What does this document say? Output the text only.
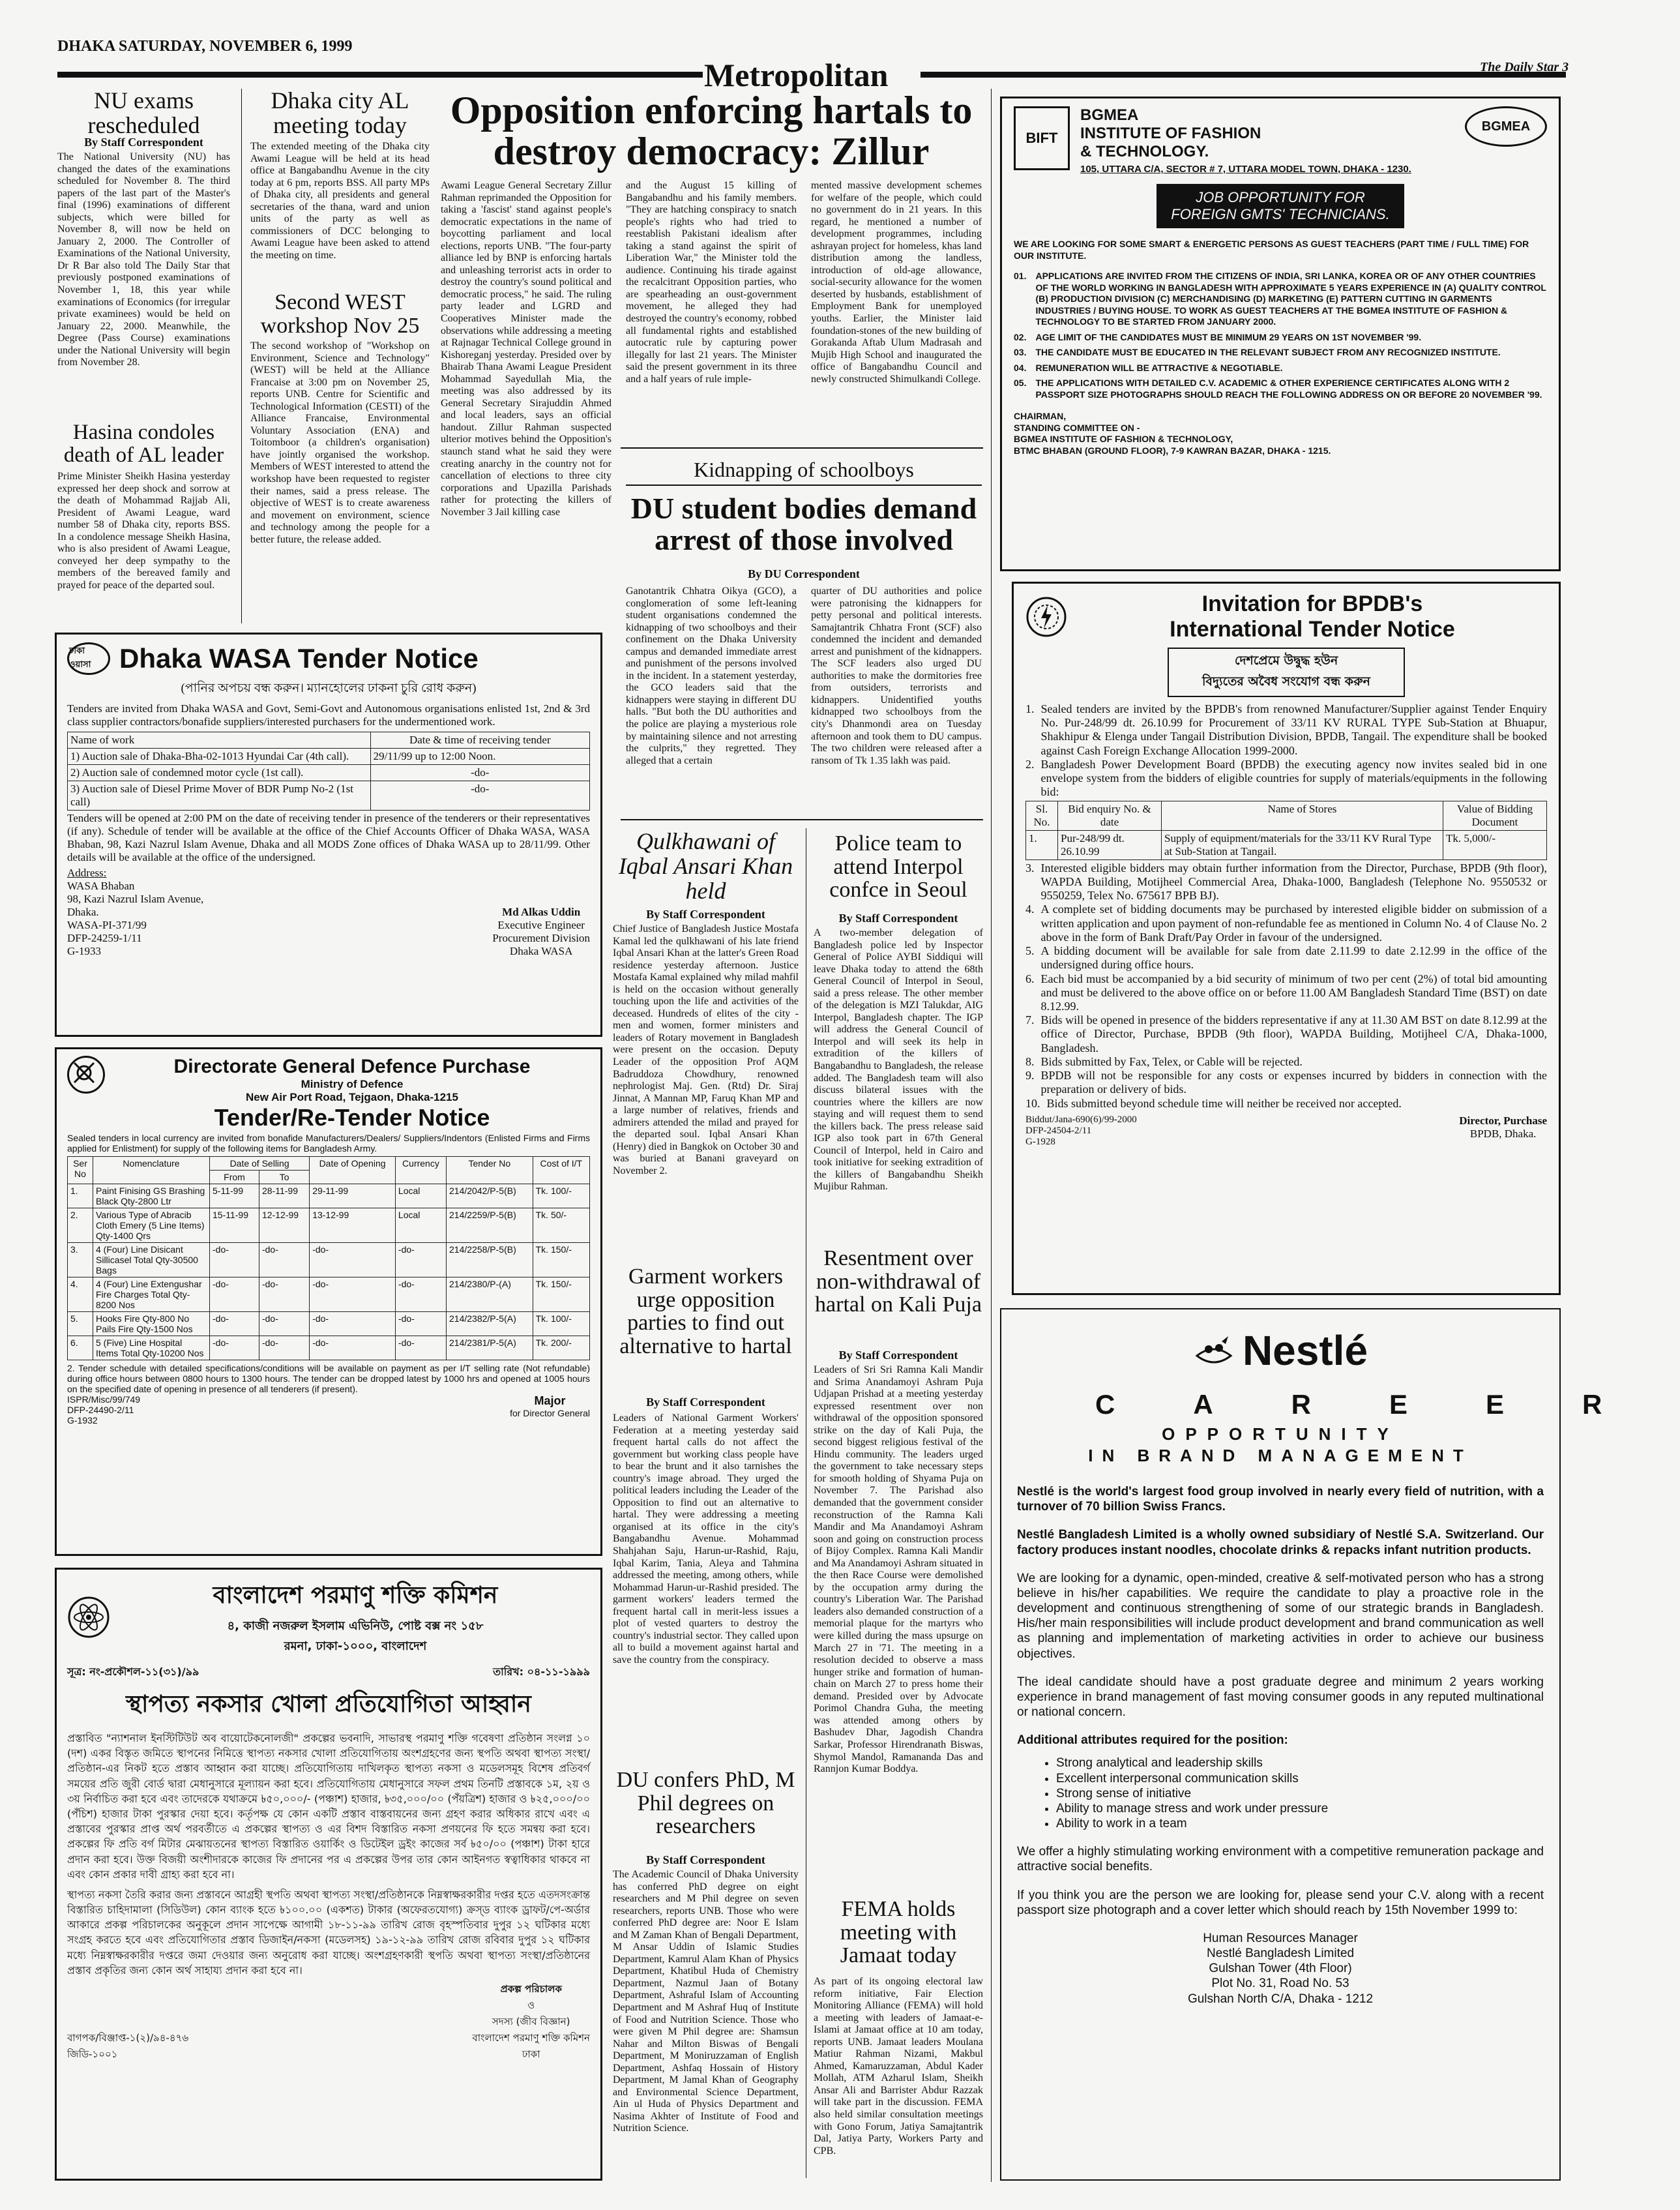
DHAKA SATURDAY, NOVEMBER 6, 1999
Metropolitan	The Daily Star 3
NU exams rescheduled
By Staff Correspondent
The National University (NU) has changed the dates of the examinations scheduled for November 8. The third papers of the last part of the Master's final (1996) examinations of different subjects, which were billed for November 8, will now be held on January 2, 2000. The Controller of Examinations of the National University, Dr R Bar also told The Daily Star that previously postponed examinations of November 1, 18, this year while examinations of Economics (for irregular private examinees) would be held on January 22, 2000. Meanwhile, the Degree (Pass Course) examinations under the National University will begin from November 28.
Hasina condoles death of AL leader
Prime Minister Sheikh Hasina yesterday expressed her deep shock and sorrow at the death of Mohammad Rajjab Ali, President of Awami League, ward number 58 of Dhaka city, reports BSS. In a condolence message Sheikh Hasina, who is also president of Awami League, conveyed her deep sympathy to the members of the bereaved family and prayed for peace of the departed soul.
Dhaka city AL meeting today
The extended meeting of the Dhaka city Awami League will be held at its head office at Bangabandhu Avenue in the city today at 6 pm, reports BSS. All party MPs of Dhaka city, all presidents and general secretaries of the thana, ward and union units of the party as well as commissioners of DCC belonging to Awami League have been asked to attend the meeting on time.
Second WEST workshop Nov 25
The second workshop of "Workshop on Environment, Science and Technology" (WEST) will be held at the Alliance Francaise at 3:00 pm on November 25, reports UNB. Centre for Scientific and Technological Information (CESTI) of the Alliance Francaise, Environmental Voluntary Association (ENA) and Toitomboor (a children's organisation) have jointly organised the workshop. Members of WEST interested to attend the workshop have been requested to register their names, said a press release. The objective of WEST is to create awareness and movement on environment, science and technology among the people for a better future, the release added.
Opposition enforcing hartals to destroy democracy: Zillur
Awami League General Secretary Zillur Rahman reprimanded the Opposition for taking a 'fascist' stand against people's democratic expectations in the name of boycotting parliament and local elections, reports UNB. "The four-party alliance led by BNP is enforcing hartals and unleashing terrorist acts in order to destroy the country's sound political and democratic process," he said. The ruling party leader and LGRD and Cooperatives Minister made the observations while addressing a meeting at Rajnagar Technical College ground in Kishoreganj yesterday. Presided over by Bhairab Thana Awami League President Mohammad Sayedullah Mia, the meeting was also addressed by its General Secretary Sirajuddin Ahmed and local leaders, says an official handout. Zillur Rahman suspected ulterior motives behind the Opposition's staunch stand what he said they were creating anarchy in the country not for cancellation of elections to three city corporations and Upazilla Parishads rather for protecting the killers of November 3 Jail killing case
and the August 15 killing of Bangabandhu and his family members. "They are hatching conspiracy to snatch people's rights who had tried to reestablish Pakistani idealism after taking a stand against the spirit of Liberation War," the Minister told the audience. Continuing his tirade against the recalcitrant Opposition parties, who are spearheading an oust-government movement, he alleged they had destroyed the country's economy, robbed all fundamental rights and established autocratic rule by capturing power illegally for last 21 years. The Minister said the present government in its three and a half years of rule imple-
mented massive development schemes for welfare of the people, which could no government do in 21 years. In this regard, he mentioned a number of development programmes, including ashrayan project for homeless, khas land distribution among the landless, introduction of old-age allowance, social-security allowance for the women deserted by husbands, establishment of Employment Bank for unemployed youths. Earlier, the Minister laid foundation-stones of the new building of Gorakanda Aftab Ulum Madrasah and Mujib High School and inaugurated the office of Bangabandhu Council and newly constructed Shimulkandi College.
Kidnapping of schoolboys
DU student bodies demand arrest of those involved
By DU Correspondent
Ganotantrik Chhatra Oikya (GCO), a conglomeration of some left-leaning student organisations condemned the kidnapping of two schoolboys and their confinement on the Dhaka University campus and demanded immediate arrest and punishment of the persons involved in the incident. In a statement yesterday, the GCO leaders said that the kidnappers were staying in different DU halls. "But both the DU authorities and the police are playing a mysterious role by maintaining silence and not arresting the culprits," they regretted. They alleged that a certain
quarter of DU authorities and police were patronising the kidnappers for petty personal and political interests. Samajtantrik Chhatra Front (SCF) also condemned the incident and demanded arrest and punishment of the kidnappers. The SCF leaders also urged DU authorities to make the dormitories free from outsiders, terrorists and kidnappers. Unidentified youths kidnapped two schoolboys from the city's Dhanmondi area on Tuesday afternoon and took them to DU campus. The two children were released after a ransom of Tk 1.35 lakh was paid.
Qulkhawani of Iqbal Ansari Khan held
By Staff Correspondent
Chief Justice of Bangladesh Justice Mostafa Kamal led the qulkhawani of his late friend Iqbal Ansari Khan at the latter's Green Road residence yesterday afternoon. Justice Mostafa Kamal explained why milad mahfil is held on the occasion without generally touching upon the life and activities of the deceased. Hundreds of elites of the city - men and women, former ministers and leaders of Rotary movement in Bangladesh were present on the occasion. Deputy Leader of the opposition Prof AQM Badruddoza Chowdhury, renowned nephrologist Maj. Gen. (Rtd) Dr. Siraj Jinnat, A Mannan MP, Faruq Khan MP and a large number of relatives, friends and admirers attended the milad and prayed for the departed soul. Iqbal Ansari Khan (Henry) died in Bangkok on October 30 and was buried at Banani graveyard on November 2.
Garment workers urge opposition parties to find out alternative to hartal
By Staff Correspondent
Leaders of National Garment Workers' Federation at a meeting yesterday said frequent hartal calls do not affect the government but working class people have to bear the brunt and it also tarnishes the country's image abroad. They urged the political leaders including the Leader of the Opposition to find out an alternative to hartal. They were addressing a meeting organised at its office in the city's Bangabandhu Avenue. Mohammad Shahjahan Saju, Harun-ur-Rashid, Raju, Iqbal Karim, Tania, Aleya and Tahmina addressed the meeting, among others, while Mohammad Harun-ur-Rashid presided. The garment workers' leaders termed the frequent hartal call in merit-less issues a plot of vested quarters to destroy the country's industrial sector. They called upon all to build a movement against hartal and save the country from the conspiracy.
DU confers PhD, M Phil degrees on researchers
By Staff Correspondent
The Academic Council of Dhaka University has conferred PhD degree on eight researchers and M Phil degree on seven researchers, reports UNB. Those who were conferred PhD degree are: Noor E Islam and M Zaman Khan of Bengali Department, M Ansar Uddin of Islamic Studies Department, Kamrul Alam Khan of Physics Department, Khatibul Huda of Chemistry Department, Nazmul Jaan of Botany Department, Ashraful Islam of Accounting Department and M Ashraf Huq of Institute of Food and Nutrition Science. Those who were given M Phil degree are: Shamsun Nahar and Milton Biswas of Bengali Department, M Moniruzzaman of English Department, Ashfaq Hossain of History Department, M Jamal Khan of Geography and Environmental Science Department, Ain ul Huda of Physics Department and Nasima Akhter of Institute of Food and Nutrition Science.
Police team to attend Interpol confce in Seoul
By Staff Correspondent
A two-member delegation of Bangladesh police led by Inspector General of Police AYBI Siddiqui will leave Dhaka today to attend the 68th General Council of Interpol in Seoul, said a press release. The other member of the delegation is MZI Talukdar, AIG Interpol, Bangladesh chapter. The IGP will address the General Council of Interpol and will seek its help in extradition of the killers of Bangabandhu to Bangladesh, the release added. The Bangladesh team will also discuss bilateral issues with the countries where the killers are now staying and will request them to send the killers back. The press release said IGP also took part in 67th General Council of Interpol, held in Cairo and took initiative for seeking extradition of the killers of Bangabandhu Sheikh Mujibur Rahman.
Resentment over non-withdrawal of hartal on Kali Puja
By Staff Correspondent
Leaders of Sri Sri Ramna Kali Mandir and Srima Anandamoyi Ashram Puja Udjapan Prishad at a meeting yesterday expressed resentment over non withdrawal of the opposition sponsored strike on the day of Kali Puja, the second biggest religious festival of the Hindu community. The leaders urged the government to take necessary steps for smooth holding of Shyama Puja on November 7. The Parishad also demanded that the government consider reconstruction of the Ramna Kali Mandir and Ma Anandamoyi Ashram soon and going on construction process of Bijoy Complex. Ramna Kali Mandir and Ma Anandamoyi Ashram situated in the then Race Course were demolished by the occupation army during the country's Liberation War. The Parishad leaders also demanded construction of a memorial plaque for the martyrs who were killed during the mass upsurge on March 27 in '71. The meeting in a resolution decided to observe a mass hunger strike and formation of human-chain on March 27 to press home their demand. Presided over by Advocate Porimol Chandra Guha, the meeting was attended among others by Bashudev Dhar, Jagodish Chandra Sarkar, Professor Hirendranath Biswas, Shymol Mandol, Ramananda Das and Rannjon Kumar Boddya.
FEMA holds meeting with Jamaat today
As part of its ongoing electoral law reform initiative, Fair Election Monitoring Alliance (FEMA) will hold a meeting with leaders of Jamaat-e-Islami at Jamaat office at 10 am today, reports UNB. Jamaat leaders Moulana Matiur Rahman Nizami, Makbul Ahmed, Kamaruzzaman, Abdul Kader Mollah, ATM Azharul Islam, Sheikh Ansar Ali and Barrister Abdur Razzak will take part in the discussion. FEMA also held similar consultation meetings with Gono Forum, Jatiya Samajtantrik Dal, Jatiya Party, Workers Party and CPB.
ঢাকা ওয়াসা	Dhaka WASA Tender Notice
(পানির অপচয় বন্ধ করুন। ম্যানহোলের ঢাকনা চুরি রোধ করুন)
Tenders are invited from Dhaka WASA and Govt, Semi-Govt and Autonomous organisations enlisted 1st, 2nd & 3rd class supplier contractors/bonafide suppliers/interested purchasers for the undermentioned work.
Name of work	Date & time of receiving tender
1) Auction sale of Dhaka-Bha-02-1013 Hyundai Car (4th call).	29/11/99 up to 12:00 Noon.
2) Auction sale of condemned motor cycle (1st call).	-do-
3) Auction sale of Diesel Prime Mover of BDR Pump No-2 (1st call)	-do-
Tenders will be opened at 2:00 PM on the date of receiving tender in presence of the tenderers or their representatives (if any). Schedule of tender will be available at the office of the Chief Accounts Officer of Dhaka WASA, WASA Bhaban, 98, Kazi Nazrul Islam Avenue, Dhaka and all MODS Zone offices of Dhaka WASA up to 28/11/99. Other details will be available at the office of the undersigned.
Address:
WASA Bhaban
98, Kazi Nazrul Islam Avenue,
Dhaka.
WASA-PI-371/99
DFP-24259-1/11
G-1933
Md Alkas Uddin
Executive Engineer
Procurement Division
Dhaka WASA
Directorate General Defence Purchase
Ministry of Defence
New Air Port Road, Tejgaon, Dhaka-1215
Tender/Re-Tender Notice
Sealed tenders in local currency are invited from bonafide Manufacturers/Dealers/ Suppliers/Indentors (Enlisted Firms and Firms applied for Enlistment) for supply of the following items for Bangladesh Army.
Ser No	Nomenclature	Date of Selling		Date of Opening	Currency	Tender No	Cost of I/T
		From	To				
1.	Paint Finising GS Brashing Black Qty-2800 Ltr	5-11-99	28-11-99	29-11-99	Local	214/2042/P-5(B)	Tk. 100/-
2.	Various Type of Abracib Cloth Emery (5 Line Items) Qty-1400 Qrs	15-11-99	12-12-99	13-12-99	Local	214/2259/P-5(B)	Tk. 50/-
3.	4 (Four) Line Disicant Sillicasel Total Qty-30500 Bags	-do-	-do-	-do-	-do-	214/2258/P-5(B)	Tk. 150/-
4.	4 (Four) Line Extengushar Fire Charges Total Qty-8200 Nos	-do-	-do-	-do-	-do-	214/2380/P-(A)	Tk. 150/-
5.	Hooks Fire Qty-800 No Pails Fire Qty-1500 Nos	-do-	-do-	-do-	-do-	214/2382/P-5(A)	Tk. 100/-
6.	5 (Five) Line Hospital Items Total Qty-10200 Nos	-do-	-do-	-do-	-do-	214/2381/P-5(A)	Tk. 200/-
2. Tender schedule with detailed specifications/conditions will be available on payment as per I/T selling rate (Not refundable) during office hours between 0800 hours to 1300 hours. The tender can be dropped latest by 1000 hrs and opened at 1005 hours on the specified date of opening in presence of all tenderers (if present).
ISPR/Misc/99/749
DFP-24490-2/11
G-1932
Major
for Director General
বাংলাদেশ পরমাণু শক্তি কমিশন
৪, কাজী নজরুল ইসলাম এভিনিউ, পোষ্ট বক্স নং ১৫৮
রমনা, ঢাকা-১০০০, বাংলাদেশ
সূত্র: নং-প্রকৌশল-১১(৩১)/৯৯	তারিখ: ০৪-১১-১৯৯৯
স্থাপত্য নকসার খোলা প্রতিযোগিতা আহ্বান
প্রস্তাবিত "ন্যাশনাল ইনস্টিটিউট অব বায়োটেকনোলজী" প্রকল্পের ভবনাদি, সাভারস্থ পরমাণু শক্তি গবেষণা প্রতিষ্ঠান সংলগ্ন ১০ (দশ) একর বিস্তৃত জমিতে স্থাপনের নিমিত্তে স্থাপত্য নকসার খোলা প্রতিযোগিতায় অংশগ্রহণের জন্য স্থপতি অথবা স্থাপত্য সংস্থা/প্রতিষ্ঠান-এর নিকট হতে প্রস্তাব আহ্বান করা যাচ্ছে। প্রতিযোগিতায় দাখিলকৃত স্থাপত্য নকসা ও মডেলসমূহ বিশেষ প্রতিবর্গ সময়ের প্রতি জুরী বোর্ড দ্বারা মেধানুসারে মূল্যায়ন করা হবে। প্রতিযোগিতায় মেধানুসারে সফল প্রথম তিনটি প্রস্তাবকে ১ম, ২য় ও ৩য় নির্বাচিত করা হবে এবং তাদেরকে যথাক্রমে ৳৫০,০০০/- (পঞ্চাশ) হাজার, ৳৩৫,০০০/০০ (পঁয়ত্রিশ) হাজার ও ৳২৫,০০০/০০ (পঁচিশ) হাজার টাকা পুরস্কার দেয়া হবে। কর্তৃপক্ষ যে কোন একটি প্রস্তাব বাস্তবায়নের জন্য গ্রহণ করার অধিকার রাখে এবং এ প্রস্তাবের পুরস্কার প্রাপ্ত অর্থ পরবর্তীতে এ প্রকল্পের স্থাপত্য ও এর বিশদ বিস্তারিত নকসা প্রণয়নের ফি হতে সমন্বয় করা হবে। প্রকল্পের ফি প্রতি বর্গ মিটার মেঝায়তনের স্থাপত্য বিস্তারিত ওয়ার্কিং ও ডিটেইল ড্রইং কাজের সর্ব ৳৫০/০০ (পঞ্চাশ) টাকা হারে প্রদান করা হবে। উক্ত বিজয়ী অংশীদারকে কাজের ফি প্রদানের পর এ প্রকল্পের উপর তার কোন আইনগত স্বত্বাধিকার থাকবে না এবং কোন প্রকার দাবী গ্রাহ্য করা হবে না।
স্থাপত্য নকসা তৈরি করার জন্য প্রস্তাবনে আগ্রহী স্থপতি অথবা স্থাপত্য সংস্থা/প্রতিষ্ঠানকে নিম্নস্বাক্ষরকারীর দপ্তর হতে এতদসংক্রান্ত বিস্তারিত চাহিদামালা (সিডিউল) কোন ব্যাংক হতে ৳১০০.০০ (একশত) টাকার (অফেরতযোগ্য) ক্রস্ড ব্যাংক ড্রাফট/পে-অর্ডার আকারে প্রকল্প পরিচালকের অনুকূলে প্রদান সাপেক্ষে আগামী ১৮-১১-৯৯ তারিখ রোজ বৃহস্পতিবার দুপুর ১২ ঘটিকার মধ্যে সংগ্রহ করতে হবে এবং প্রতিযোগিতার প্রস্তাব ডিজাইন/নকসা (মডেলসহ) ১৯-১২-৯৯ তারিখ রোজ রবিবার দুপুর ১২ ঘটিকার মধ্যে নিম্নস্বাক্ষরকারীর দপ্তরে জমা দেওয়ার জন্য অনুরোধ করা যাচ্ছে। অংশগ্রহণকারী স্থপতি অথবা স্থাপত্য সংস্থা/প্রতিষ্ঠানের প্রস্তাব প্রকৃতির জন্য কোন অর্থ সাহায্য প্রদান করা হবে না।
বাগপক/বিঞ্জাপ্ত-১(২)/৯৪-৪৭৬
জিডি-১০০১
প্রকল্প পরিচালক
ও
সদস্য (জীব বিজ্ঞান)
বাংলাদেশ পরমাণু শক্তি কমিশন
ঢাকা
BIFT
BGMEA
INSTITUTE OF FASHION
& TECHNOLOGY.
105, UTTARA C/A, SECTOR # 7, UTTARA MODEL TOWN, DHAKA - 1230.
BGMEA
JOB OPPORTUNITY FOR
FOREIGN GMTS' TECHNICIANS.
WE ARE LOOKING FOR SOME SMART & ENERGETIC PERSONS AS GUEST TEACHERS (PART TIME / FULL TIME) FOR OUR INSTITUTE.
01. APPLICATIONS ARE INVITED FROM THE CITIZENS OF INDIA, SRI LANKA, KOREA OR OF ANY OTHER COUNTRIES OF THE WORLD WORKING IN BANGLADESH WITH APPROXIMATE 5 YEARS EXPERIENCE IN (A) QUALITY CONTROL (B) PRODUCTION DIVISION (C) MERCHANDISING (D) MARKETING (E) PATTERN CUTTING IN GARMENTS INDUSTRIES / BUYING HOUSE. TO WORK AS GUEST TEACHERS AT THE BGMEA INSTITUTE OF FASHION & TECHNOLOGY TO BE STARTED FROM JANUARY 2000.
02. AGE LIMIT OF THE CANDIDATES MUST BE MINIMUM 29 YEARS ON 1ST NOVEMBER '99.
03. THE CANDIDATE MUST BE EDUCATED IN THE RELEVANT SUBJECT FROM ANY RECOGNIZED INSTITUTE.
04. REMUNERATION WILL BE ATTRACTIVE & NEGOTIABLE.
05. THE APPLICATIONS WITH DETAILED C.V. ACADEMIC & OTHER EXPERIENCE CERTIFICATES ALONG WITH 2 PASSPORT SIZE PHOTOGRAPHS SHOULD REACH THE FOLLOWING ADDRESS ON OR BEFORE 20 NOVEMBER '99.
CHAIRMAN,
STANDING COMMITTEE ON -
BGMEA INSTITUTE OF FASHION & TECHNOLOGY,
BTMC BHABAN (GROUND FLOOR), 7-9 KAWRAN BAZAR, DHAKA - 1215.
Invitation for BPDB's
International Tender Notice
দেশপ্রেমে উদ্বুদ্ধ হউন
বিদ্যুতের অবৈধ সংযোগ বন্ধ করুন
1. Sealed tenders are invited by the BPDB's from renowned Manufacturer/Supplier against Tender Enquiry No. Pur-248/99 dt. 26.10.99 for Procurement of 33/11 KV RURAL TYPE Sub-Station at Bhuapur, Shakhipur & Elenga under Tangail Distribution Division, BPDB, Tangail. The expenditure shall be booked against Cash Foreign Exchange Allocation 1999-2000.
2. Bangladesh Power Development Board (BPDB) the executing agency now invites sealed bid in one envelope system from the bidders of eligible countries for supply of materials/equipments in the following bid:
Sl. No.	Bid enquiry No. & date	Name of Stores	Value of Bidding Document
1.	Pur-248/99 dt. 26.10.99	Supply of equipment/materials for the 33/11 KV Rural Type at Sub-Station at Tangail.	Tk. 5,000/-
3. Interested eligible bidders may obtain further information from the Director, Purchase, BPDB (9th floor), WAPDA Building, Motijheel Commercial Area, Dhaka-1000, Bangladesh (Telephone No. 9550532 or 9550259, Telex No. 675617 BPB BJ).
4. A complete set of bidding documents may be purchased by interested eligible bidder on submission of a written application and upon payment of non-refundable fee as mentioned in Column No. 4 of Clause No. 2 above in the form of Bank Draft/Pay Order in favour of the undersigned.
5. A bidding document will be available for sale from date 2.11.99 to date 2.12.99 in the office of the undersigned during office hours.
6. Each bid must be accompanied by a bid security of minimum of two per cent (2%) of total bid amounting and must be delivered to the above office on or before 11.00 AM Bangladesh Standard Time (BST) on date 8.12.99.
7. Bids will be opened in presence of the bidders representative if any at 11.30 AM BST on date 8.12.99 at the office of Director, Purchase, BPDB (9th floor), WAPDA Building, Motijheel C/A, Dhaka-1000, Bangladesh.
8. Bids submitted by Fax, Telex, or Cable will be rejected.
9. BPDB will not be responsible for any costs or expenses incurred by bidders in connection with the preparation or delivery of bids.
10. Bids submitted beyond schedule time will neither be received nor accepted.
Biddut/Jana-690(6)/99-2000
DFP-24504-2/11
G-1928
Director, Purchase
BPDB, Dhaka.
Nestlé
CAREER
OPPORTUNITY
IN BRAND MANAGEMENT

Nestlé is the world's largest food group involved in nearly every field of nutrition, with a turnover of 70 billion Swiss Francs.

Nestlé Bangladesh Limited is a wholly owned subsidiary of Nestlé S.A. Switzerland. Our factory produces instant noodles, chocolate drinks & repacks infant nutrition products.

We are looking for a dynamic, open-minded, creative & self-motivated person who has a strong believe in his/her capabilities. We require the candidate to play a proactive role in the development and continuous strengthening of some of our strategic brands in Bangladesh. His/her main responsibilities will include product development and brand communication as well as planning and implementation of marketing activities in order to achieve our business objectives.

The ideal candidate should have a post graduate degree and minimum 2 years working experience in brand management of fast moving consumer goods in any reputed multinational or national concern.

Additional attributes required for the position:

• Strong analytical and leadership skills
• Excellent interpersonal communication skills
• Strong sense of initiative
• Ability to manage stress and work under pressure
• Ability to work in a team

We offer a highly stimulating working environment with a competitive remuneration package and attractive social benefits.

If you think you are the person we are looking for, please send your C.V. along with a recent passport size photograph and a cover letter which should reach by 15th November 1999 to:

Human Resources Manager
Nestlé Bangladesh Limited
Gulshan Tower (4th Floor)
Plot No. 31, Road No. 53
Gulshan North C/A, Dhaka - 1212
